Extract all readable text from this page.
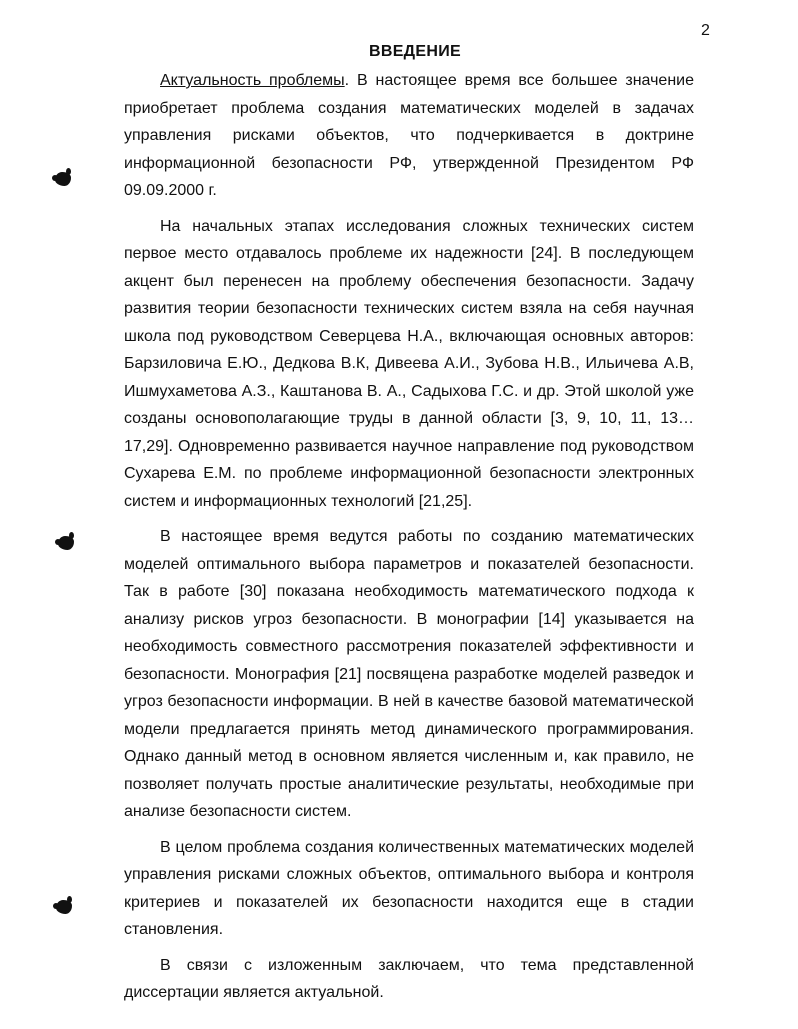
2
ВВЕДЕНИЕ

Актуальность проблемы. В настоящее время все большее значение приобретает проблема создания математических моделей в задачах управления рисками объектов, что подчеркивается в доктрине информационной безопасности РФ, утвержденной Президентом РФ 09.09.2000 г.

На начальных этапах исследования сложных технических систем первое место отдавалось проблеме их надежности [24]. В последующем акцент был перенесен на проблему обеспечения безопасности. Задачу развития теории безопасности технических систем взяла на себя научная школа под руководством Северцева Н.А., включающая основных авторов: Барзиловича Е.Ю., Дедкова В.К, Дивеева А.И., Зубова Н.В., Ильичева А.В, Ишмухаметова А.З., Каштанова В. А., Садыхова Г.С. и др. Этой школой уже созданы основополагающие труды в данной области [3, 9, 10, 11, 13…17,29]. Одновременно развивается научное направление под руководством Сухарева Е.М. по проблеме информационной безопасности электронных систем и информационных технологий [21,25].

В настоящее время ведутся работы по созданию математических моделей оптимального выбора параметров и показателей безопасности. Так в работе [30] показана необходимость математического подхода к анализу рисков угроз безопасности. В монографии [14] указывается на необходимость совместного рассмотрения показателей эффективности и безопасности. Монография [21] посвящена разработке моделей разведок и угроз безопасности информации. В ней в качестве базовой математической модели предлагается принять метод динамического программирования. Однако данный метод в основном является численным и, как правило, не позволяет получать простые аналитические результаты, необходимые при анализе безопасности систем.

В целом проблема создания количественных математических моделей управления рисками сложных объектов, оптимального выбора и контроля критериев и показателей их безопасности находится еще в стадии становления.

В связи с изложенным заключаем, что тема представленной диссертации является актуальной.
